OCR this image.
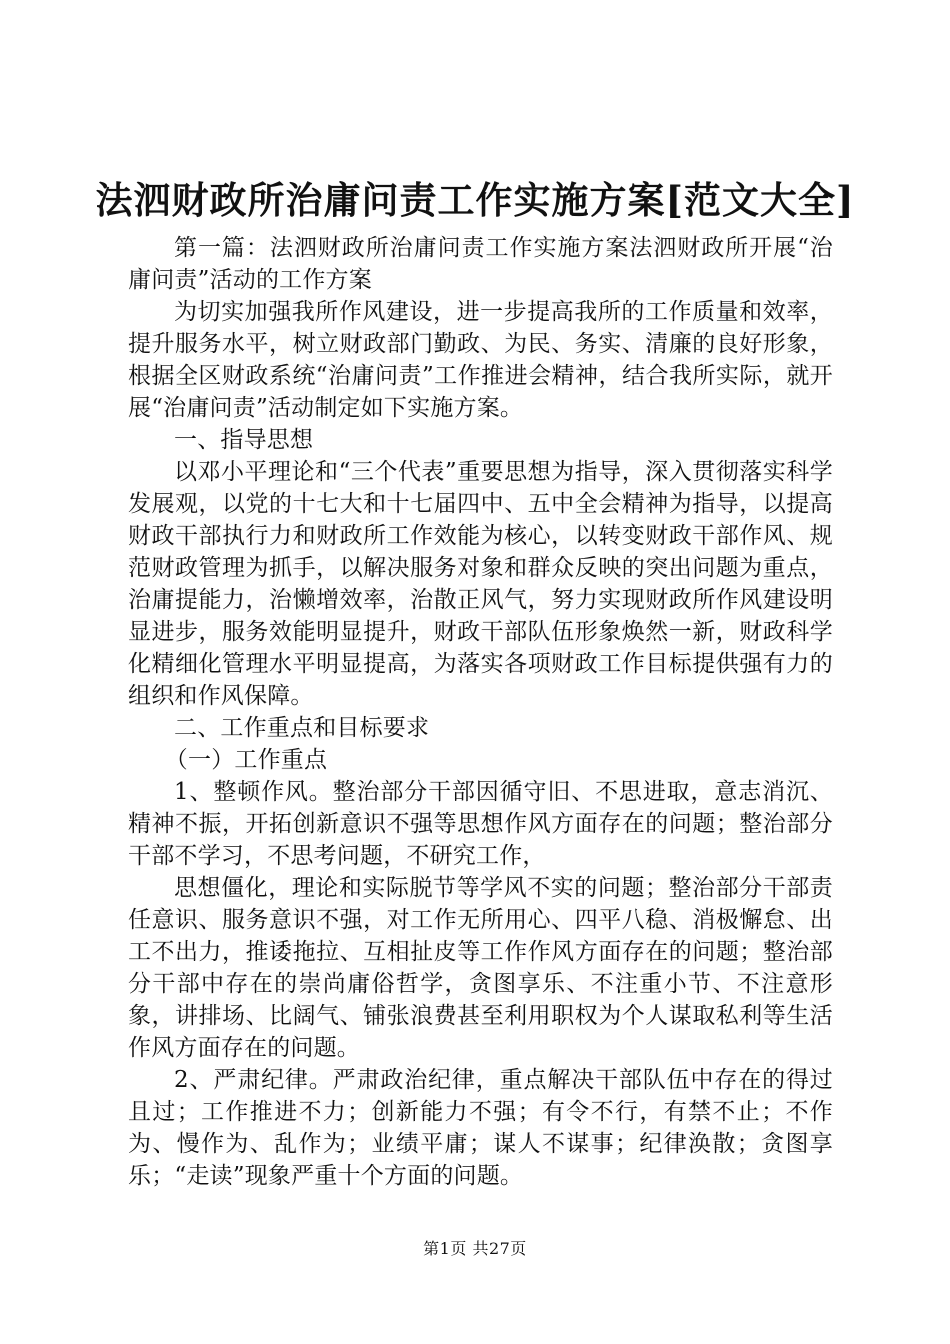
法泗财政所治庸问责工作实施方案[范文大全]

第一篇：法泗财政所治庸问责工作实施方案法泗财政所开展“治庸问责”活动的工作方案

为切实加强我所作风建设，进一步提高我所的工作质量和效率，提升服务水平，树立财政部门勤政、为民、务实、清廉的良好形象，根据全区财政系统“治庸问责”工作推进会精神，结合我所实际，就开展“治庸问责”活动制定如下实施方案。

一、指导思想

以邓小平理论和“三个代表”重要思想为指导，深入贯彻落实科学发展观，以党的十七大和十七届四中、五中全会精神为指导，以提高财政干部执行力和财政所工作效能为核心，以转变财政干部作风、规范财政管理为抓手，以解决服务对象和群众反映的突出问题为重点，治庸提能力，治懒增效率，治散正风气，努力实现财政所作风建设明显进步，服务效能明显提升，财政干部队伍形象焕然一新，财政科学化精细化管理水平明显提高，为落实各项财政工作目标提供强有力的组织和作风保障。

二、工作重点和目标要求

（一）工作重点

1、整顿作风。整治部分干部因循守旧、不思进取，意志消沉、精神不振，开拓创新意识不强等思想作风方面存在的问题；整治部分干部不学习，不思考问题，不研究工作，

思想僵化，理论和实际脱节等学风不实的问题；整治部分干部责任意识、服务意识不强，对工作无所用心、四平八稳、消极懈怠、出工不出力，推诿拖拉、互相扯皮等工作作风方面存在的问题；整治部分干部中存在的崇尚庸俗哲学，贪图享乐、不注重小节、不注意形象，讲排场、比阔气、铺张浪费甚至利用职权为个人谋取私利等生活作风方面存在的问题。

2、严肃纪律。严肃政治纪律，重点解决干部队伍中存在的得过且过；工作推进不力；创新能力不强；有令不行，有禁不止；不作为、慢作为、乱作为；业绩平庸；谋人不谋事；纪律涣散；贪图享乐；“走读”现象严重十个方面的问题。

第1页 共27页
